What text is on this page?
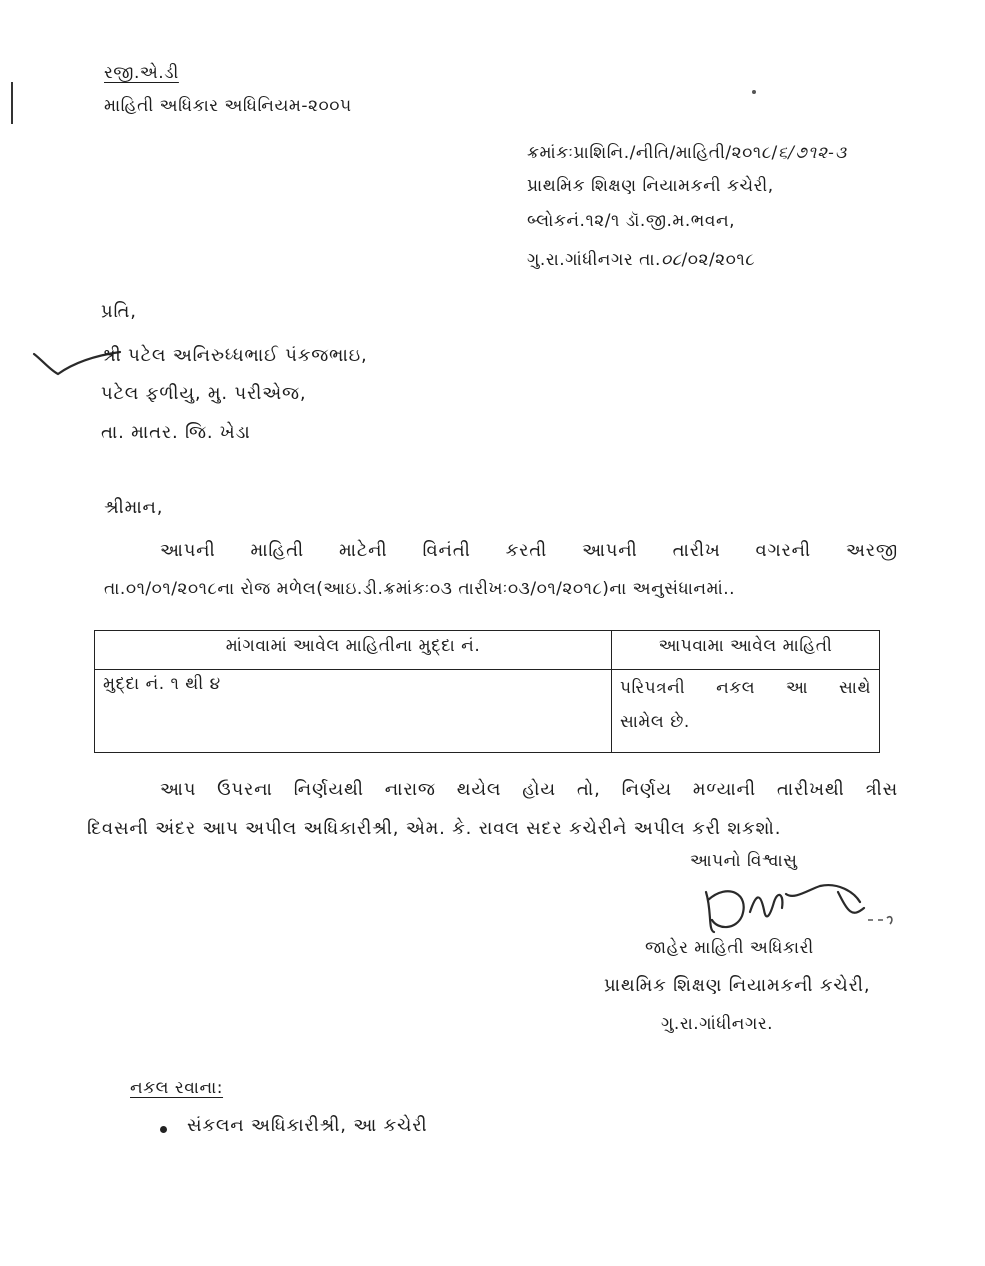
રજી.એ.ડી
માહિતી અધિકાર અધિનિયમ-૨૦૦૫
ક્રમાંકઃપ્રાશિનિ./નીતિ/માહિતી/૨૦૧૮/૬/૭૧૨-૩
પ્રાથમિક શિક્ષણ નિયામકની કચેરી,
બ્લોકનં.૧૨/૧ ડૉ.જી.મ.ભવન,
ગુ.રા.ગાંધીનગર તા.૦૮/૦૨/૨૦૧૮
પ્રતિ,
શ્રી પટેલ અનિરુધ્ધભાઈ પંકજભાઇ,
પટેલ ફળીયુ, મુ. પરીએજ,
તા. માતર. જિ. ખેડા
શ્રીમાન,
આપની માહિતી માટેની વિનંતી કરતી આપની તારીખ વગરની અરજી
તા.૦૧/૦૧/૨૦૧૮ના રોજ મળેલ(આઇ.ડી.ક્રમાંકઃ૦૩ તારીખઃ૦૩/૦૧/૨૦૧૮)ના અનુસંધાનમાં..
માંગવામાં આવેલ માહિતીના મુદ્દા નં.	આપવામા આવેલ માહિતી
મુદ્દા નં. ૧ થી ૪	પરિપત્રની નકલ આ સાથે
સામેલ છે.
આપ ઉપરના નિર્ણયથી નારાજ થયેલ હોય તો, નિર્ણય મળ્યાની તારીખથી ત્રીસ
દિવસની અંદર આપ અપીલ અધિકારીશ્રી, એમ. કે. રાવલ સદર કચેરીને અપીલ કરી શકશો.
આપનો વિશ્વાસુ
જાહેર માહિતી અધિકારી
પ્રાથમિક શિક્ષણ નિયામકની કચેરી,
ગુ.રા.ગાંધીનગર.
નકલ રવાના:
સંકલન અધિકારીશ્રી, આ કચેરી
